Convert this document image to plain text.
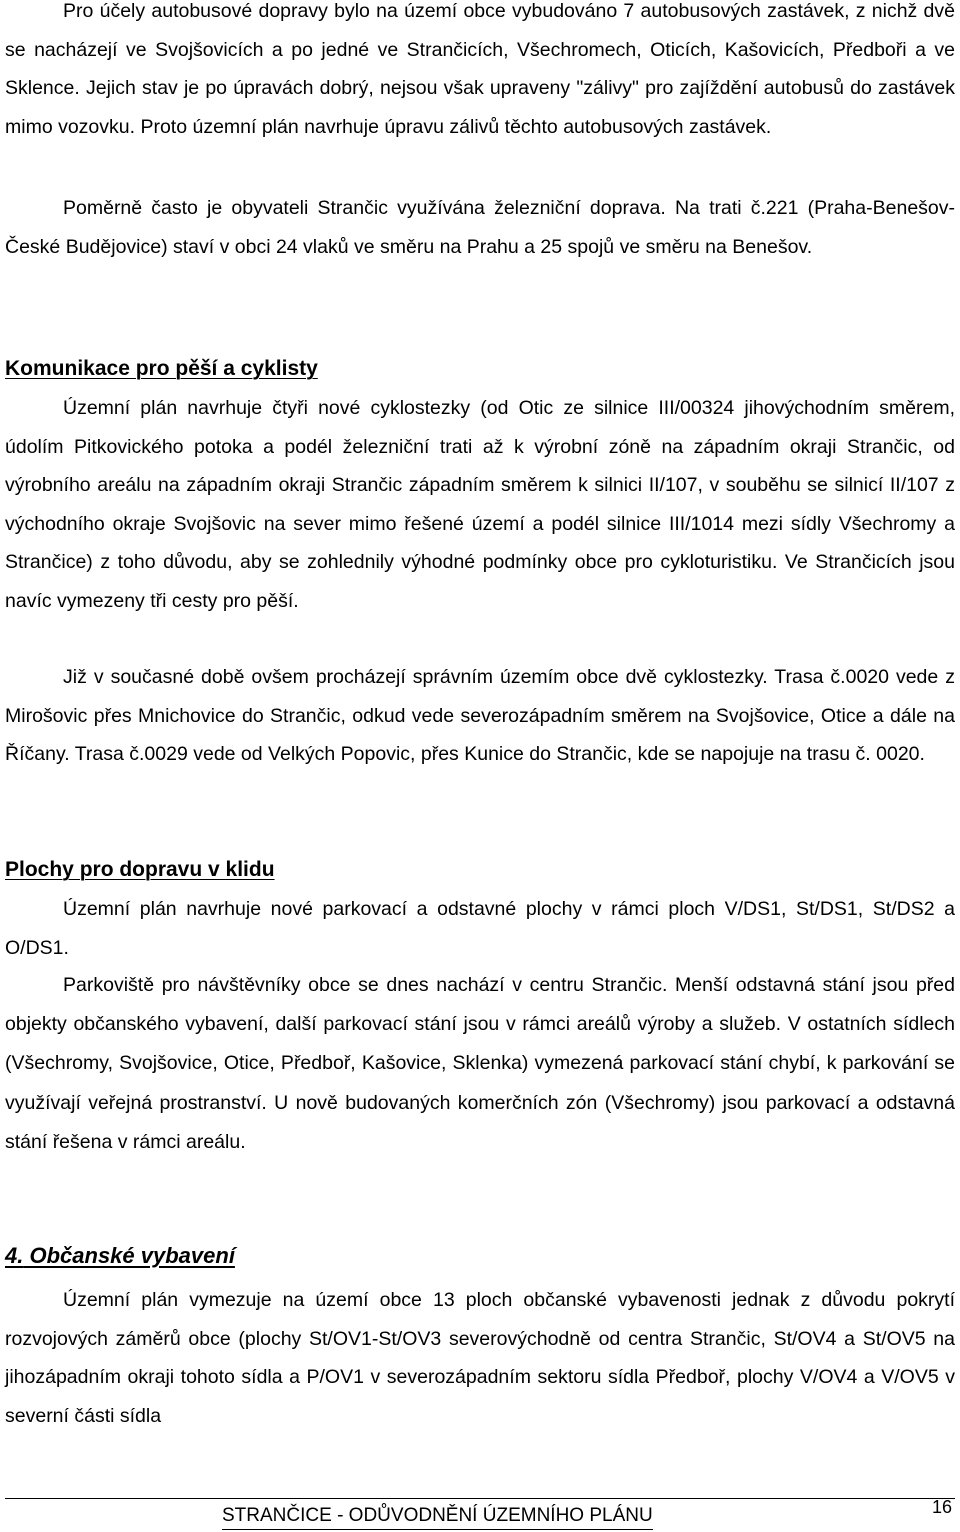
Pro účely autobusové dopravy bylo na území obce vybudováno 7 autobusových zastávek, z nichž dvě se nacházejí ve Svojšovicích a po jedné ve Strančicích, Všechromech, Oticích, Kašovicích, Předboři a ve Sklence. Jejich stav je po úpravách dobrý, nejsou však upraveny "zálivy" pro zajíždění autobusů do zastávek mimo vozovku. Proto územní plán navrhuje úpravu zálivů těchto autobusových zastávek.

Poměrně často je obyvateli Strančic využívána železniční doprava. Na trati č.221 (Praha-Benešov-České Budějovice) staví v obci 24 vlaků ve směru na Prahu a 25 spojů ve směru na Benešov.

Komunikace pro pěší a cyklisty

Územní plán navrhuje čtyři nové cyklostezky (od Otic ze silnice III/00324 jihovýchodním směrem, údolím Pitkovického potoka a podél železniční trati až k výrobní zóně na západním okraji Strančic, od výrobního areálu na západním okraji Strančic západním směrem k silnici II/107, v souběhu se silnicí II/107 z východního okraje Svojšovic na sever mimo řešené území a podél silnice III/1014 mezi sídly Všechromy a Strančice) z toho důvodu, aby se zohlednily výhodné podmínky obce pro cykloturistiku. Ve Strančicích jsou navíc vymezeny tři cesty pro pěší.

Již v současné době ovšem procházejí správním územím obce dvě cyklostezky. Trasa č.0020 vede z Mirošovic přes Mnichovice do Strančic, odkud vede severozápadním směrem na Svojšovice, Otice a dále na Říčany. Trasa č.0029 vede od Velkých Popovic, přes Kunice do Strančic, kde se napojuje na trasu č. 0020.

Plochy pro dopravu v klidu

Územní plán navrhuje nové parkovací a odstavné plochy v rámci ploch V/DS1, St/DS1, St/DS2 a O/DS1.

Parkoviště pro návštěvníky obce se dnes nachází v centru Strančic. Menší odstavná stání jsou před objekty občanského vybavení, další parkovací stání jsou v rámci areálů výroby a služeb. V ostatních sídlech (Všechromy, Svojšovice, Otice, Předboř, Kašovice, Sklenka) vymezená parkovací stání chybí, k parkování se využívají veřejná prostranství. U nově budovaných komerčních zón (Všechromy) jsou parkovací a odstavná stání řešena v rámci areálu.

4. Občanské vybavení

Územní plán vymezuje na území obce 13 ploch občanské vybavenosti jednak z důvodu pokrytí rozvojových záměrů obce (plochy St/OV1-St/OV3 severovýchodně od centra Strančic, St/OV4 a St/OV5 na jihozápadním okraji tohoto sídla a P/OV1 v severozápadním sektoru sídla Předboř, plochy V/OV4 a V/OV5 v severní části sídla

STRANČICE - ODŮVODNĚNÍ ÚZEMNÍHO PLÁNU	16
